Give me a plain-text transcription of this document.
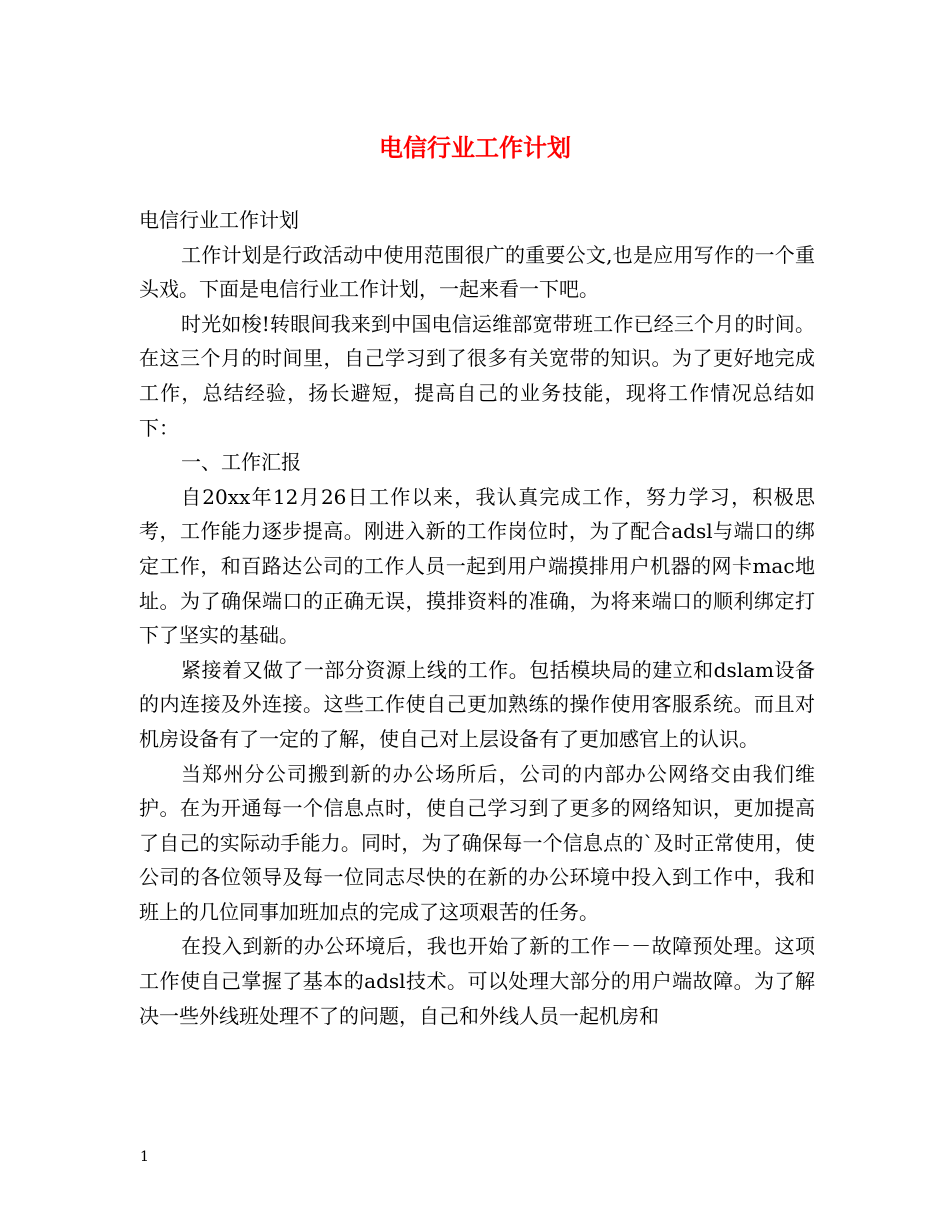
电信行业工作计划

电信行业工作计划

工作计划是行政活动中使用范围很广的重要公文,也是应用写作的一个重头戏。下面是电信行业工作计划，一起来看一下吧。

时光如梭!转眼间我来到中国电信运维部宽带班工作已经三个月的时间。在这三个月的时间里，自己学习到了很多有关宽带的知识。为了更好地完成工作，总结经验，扬长避短，提高自己的业务技能，现将工作情况总结如下：

一、工作汇报

自20xx年12月26日工作以来，我认真完成工作，努力学习，积极思考，工作能力逐步提高。刚进入新的工作岗位时，为了配合adsl与端口的绑定工作，和百路达公司的工作人员一起到用户端摸排用户机器的网卡mac地址。为了确保端口的正确无误，摸排资料的准确，为将来端口的顺利绑定打下了坚实的基础。

紧接着又做了一部分资源上线的工作。包括模块局的建立和dslam设备的内连接及外连接。这些工作使自己更加熟练的操作使用客服系统。而且对机房设备有了一定的了解，使自己对上层设备有了更加感官上的认识。

当郑州分公司搬到新的办公场所后，公司的内部办公网络交由我们维护。在为开通每一个信息点时，使自己学习到了更多的网络知识，更加提高了自己的实际动手能力。同时，为了确保每一个信息点的`及时正常使用，使公司的各位领导及每一位同志尽快的在新的办公环境中投入到工作中，我和班上的几位同事加班加点的完成了这项艰苦的任务。

在投入到新的办公环境后，我也开始了新的工作－－故障预处理。这项工作使自己掌握了基本的adsl技术。可以处理大部分的用户端故障。为了解决一些外线班处理不了的问题，自己和外线人员一起机房和

1
